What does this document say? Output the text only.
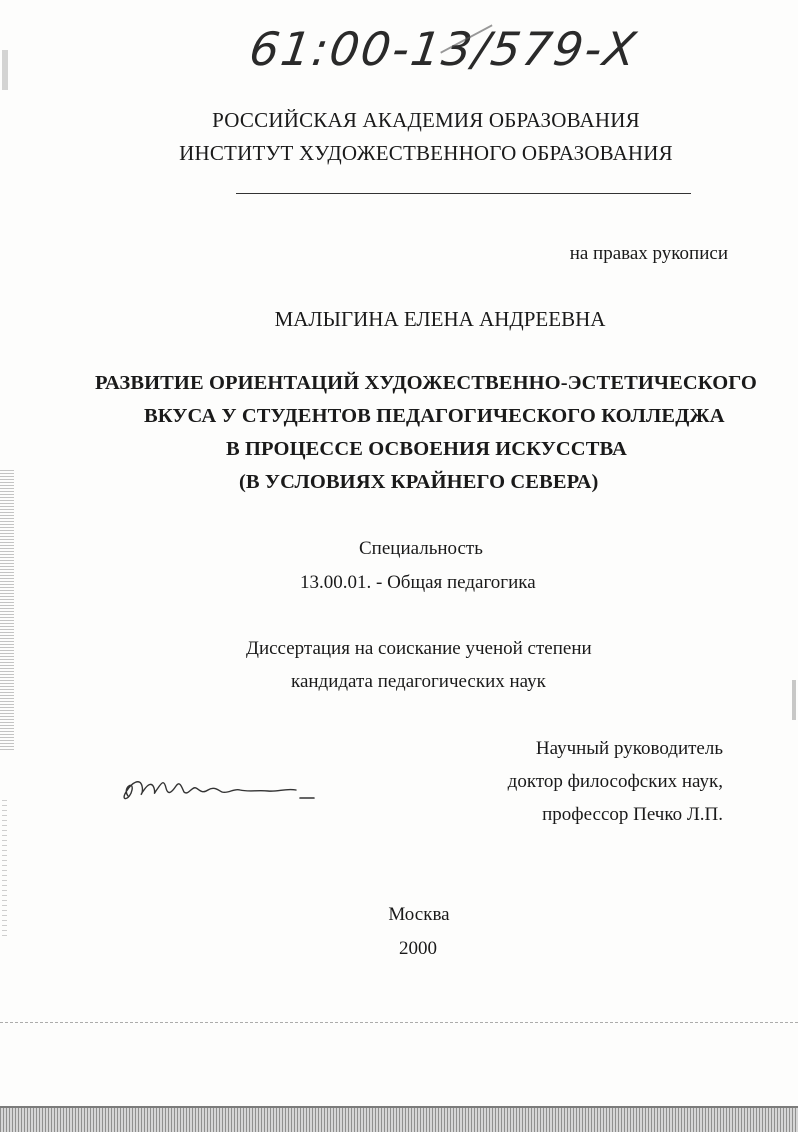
61:00-13/579-Х

РОССИЙСКАЯ АКАДЕМИЯ ОБРАЗОВАНИЯ

ИНСТИТУТ ХУДОЖЕСТВЕННОГО ОБРАЗОВАНИЯ

на правах рукописи

МАЛЫГИНА ЕЛЕНА АНДРЕЕВНА

РАЗВИТИЕ ОРИЕНТАЦИЙ ХУДОЖЕСТВЕННО-ЭСТЕТИЧЕСКОГО

ВКУСА У СТУДЕНТОВ ПЕДАГОГИЧЕСКОГО КОЛЛЕДЖА

В ПРОЦЕССЕ ОСВОЕНИЯ ИСКУССТВА

(В УСЛОВИЯХ КРАЙНЕГО СЕВЕРА)

Специальность

13.00.01. - Общая педагогика

Диссертация на соискание ученой степени

кандидата педагогических наук

Научный руководитель

доктор философских наук,

профессор Печко Л.П.

Москва

2000
